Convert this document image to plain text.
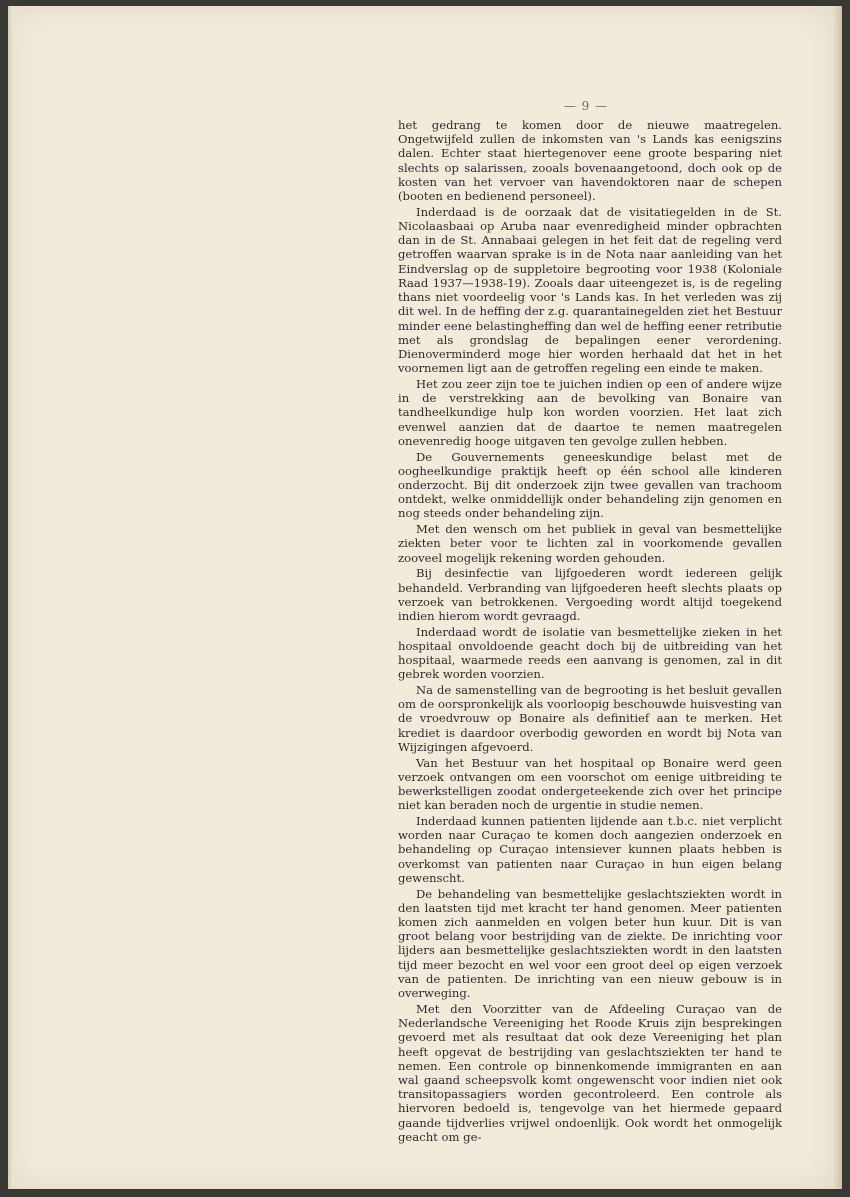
— 9 —

het gedrang te komen door de nieuwe maatregelen. Ongetwijfeld zullen de inkomsten van 's Lands kas eenigszins dalen. Echter staat hiertegenover eene groote besparing niet slechts op salarissen, zooals bovenaangetoond, doch ook op de kosten van het vervoer van havendoktoren naar de schepen (booten en bedienend personeel).

Inderdaad is de oorzaak dat de visitatiegelden in de St. Nicolaasbaai op Aruba naar evenredigheid minder opbrachten dan in de St. Annabaai gelegen in het feit dat de regeling verd getroffen waarvan sprake is in de Nota naar aanleiding van het Eindverslag op de suppletoire begrooting voor 1938 (Koloniale Raad 1937—1938-19). Zooals daar uiteengezet is, is de regeling thans niet voordeelig voor 's Lands kas. In het verleden was zij dit wel. In de heffing der z.g. quarantainegelden ziet het Bestuur minder eene belastingheffing dan wel de heffing eener retributie met als grondslag de bepalingen eener verordening. Dienoverminderd moge hier worden herhaald dat het in het voornemen ligt aan de getroffen regeling een einde te maken.

Het zou zeer zijn toe te juichen indien op een of andere wijze in de verstrekking aan de bevolking van Bonaire van tandheelkundige hulp kon worden voorzien. Het laat zich evenwel aanzien dat de daartoe te nemen maatregelen onevenredig hooge uitgaven ten gevolge zullen hebben.

De Gouvernements geneeskundige belast met de oogheelkundige praktijk heeft op één school alle kinderen onderzocht. Bij dit onderzoek zijn twee gevallen van trachoom ontdekt, welke onmiddellijk onder behandeling zijn genomen en nog steeds onder behandeling zijn.

Met den wensch om het publiek in geval van besmettelijke ziekten beter voor te lichten zal in voorkomende gevallen zooveel mogelijk rekening worden gehouden.

Bij desinfectie van lijfgoederen wordt iedereen gelijk behandeld. Verbranding van lijfgoederen heeft slechts plaats op verzoek van betrokkenen. Vergoeding wordt altijd toegekend indien hierom wordt gevraagd.

Inderdaad wordt de isolatie van besmettelijke zieken in het hospitaal onvoldoende geacht doch bij de uitbreiding van het hospitaal, waarmede reeds een aanvang is genomen, zal in dit gebrek worden voorzien.

Na de samenstelling van de begrooting is het besluit gevallen om de oorspronkelijk als voorloopig beschouwde huisvesting van de vroedvrouw op Bonaire als definitief aan te merken. Het krediet is daardoor overbodig geworden en wordt bij Nota van Wijzigingen afgevoerd.

Van het Bestuur van het hospitaal op Bonaire werd geen verzoek ontvangen om een voorschot om eenige uitbreiding te bewerkstelligen zoodat ondergeteekende zich over het principe niet kan beraden noch de urgentie in studie nemen.

Inderdaad kunnen patienten lijdende aan t.b.c. niet verplicht worden naar Curaçao te komen doch aangezien onderzoek en behandeling op Curaçao intensiever kunnen plaats hebben is overkomst van patienten naar Curaçao in hun eigen belang gewenscht.

De behandeling van besmettelijke geslachtsziekten wordt in den laatsten tijd met kracht ter hand genomen. Meer patienten komen zich aanmelden en volgen beter hun kuur. Dit is van groot belang voor bestrijding van de ziekte. De inrichting voor lijders aan besmettelijke geslachtsziekten wordt in den laatsten tijd meer bezocht en wel voor een groot deel op eigen verzoek van de patienten. De inrichting van een nieuw gebouw is in overweging.

Met den Voorzitter van de Afdeeling Curaçao van de Nederlandsche Vereeniging het Roode Kruis zijn besprekingen gevoerd met als resultaat dat ook deze Vereeniging het plan heeft opgevat de bestrijding van geslachtsziekten ter hand te nemen. Een controle op binnenkomende immigranten en aan wal gaand scheepsvolk komt ongewenscht voor indien niet ook transitopassagiers worden gecontroleerd. Een controle als hiervoren bedoeld is, tengevolge van het hiermede gepaard gaande tijdverlies vrijwel ondoenlijk. Ook wordt het onmogelijk geacht om ge-
